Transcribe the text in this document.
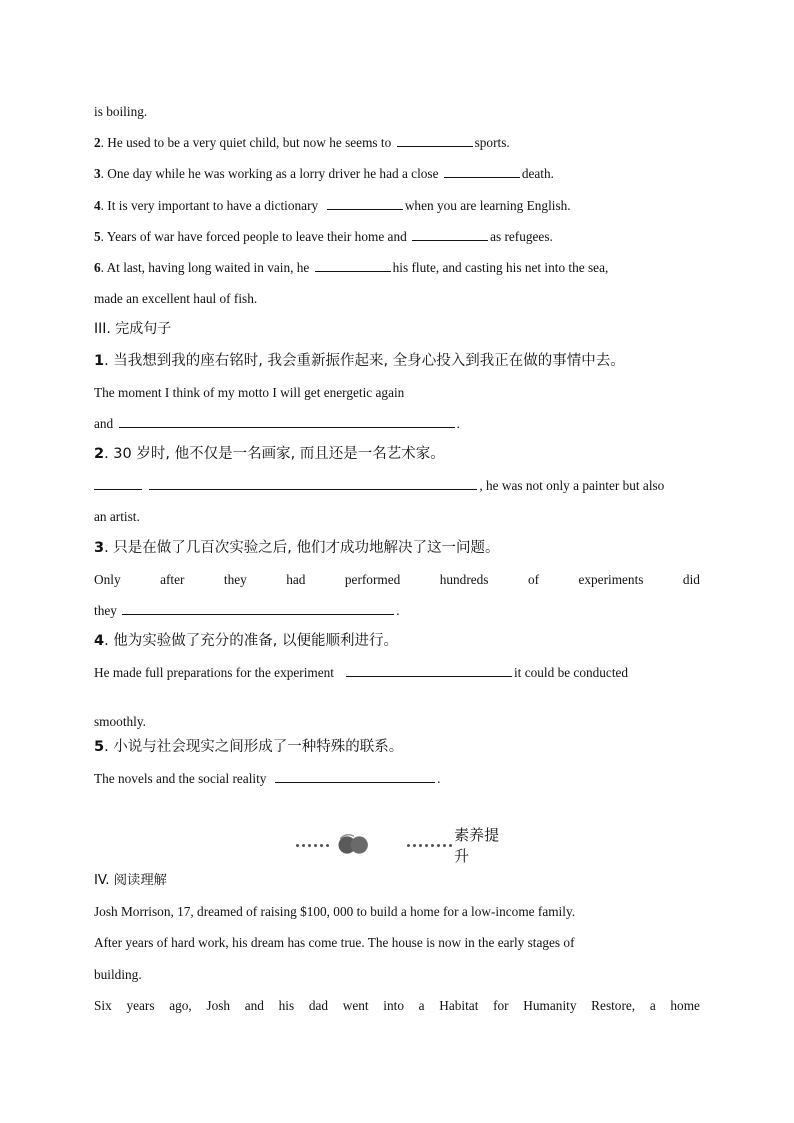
is boiling.
2. He used to be a very quiet child, but now he seems to	sports.
3. One day while he was working as a lorry driver he had a close	death.
4. It is very important to have a dictionary	when you are learning English.
5. Years of war have forced people to leave their home and	as refugees.
6. At last, having long waited in vain, he	his flute, and casting his net into the sea,
made an excellent haul of fish.
III. 完成句子
1. 当我想到我的座右铭时, 我会重新振作起来, 全身心投入到我正在做的事情中去。
The moment I think of my motto I will get energetic again
and	.
2. 30 岁时, 他不仅是一名画家, 而且还是一名艺术家。
, he was not only a painter but also
an artist.
3. 只是在做了几百次实验之后, 他们才成功地解决了这一问题。
Only	after	they	had	performed	hundreds	of	experiments	did
they	.
4. 他为实验做了充分的准备, 以便能顺利进行。
He made full preparations for the experiment	it could be conducted
smoothly.
5. 小说与社会现实之间形成了一种特殊的联系。
The novels and the social reality	.
素养提升
IV. 阅读理解
Josh Morrison, 17, dreamed of raising $100, 000 to build a home for a low-income family.
After years of hard work, his dream has come true. The house is now in the early stages of
building.
Six years ago, Josh and his dad went into a Habitat for Humanity Restore, a home
